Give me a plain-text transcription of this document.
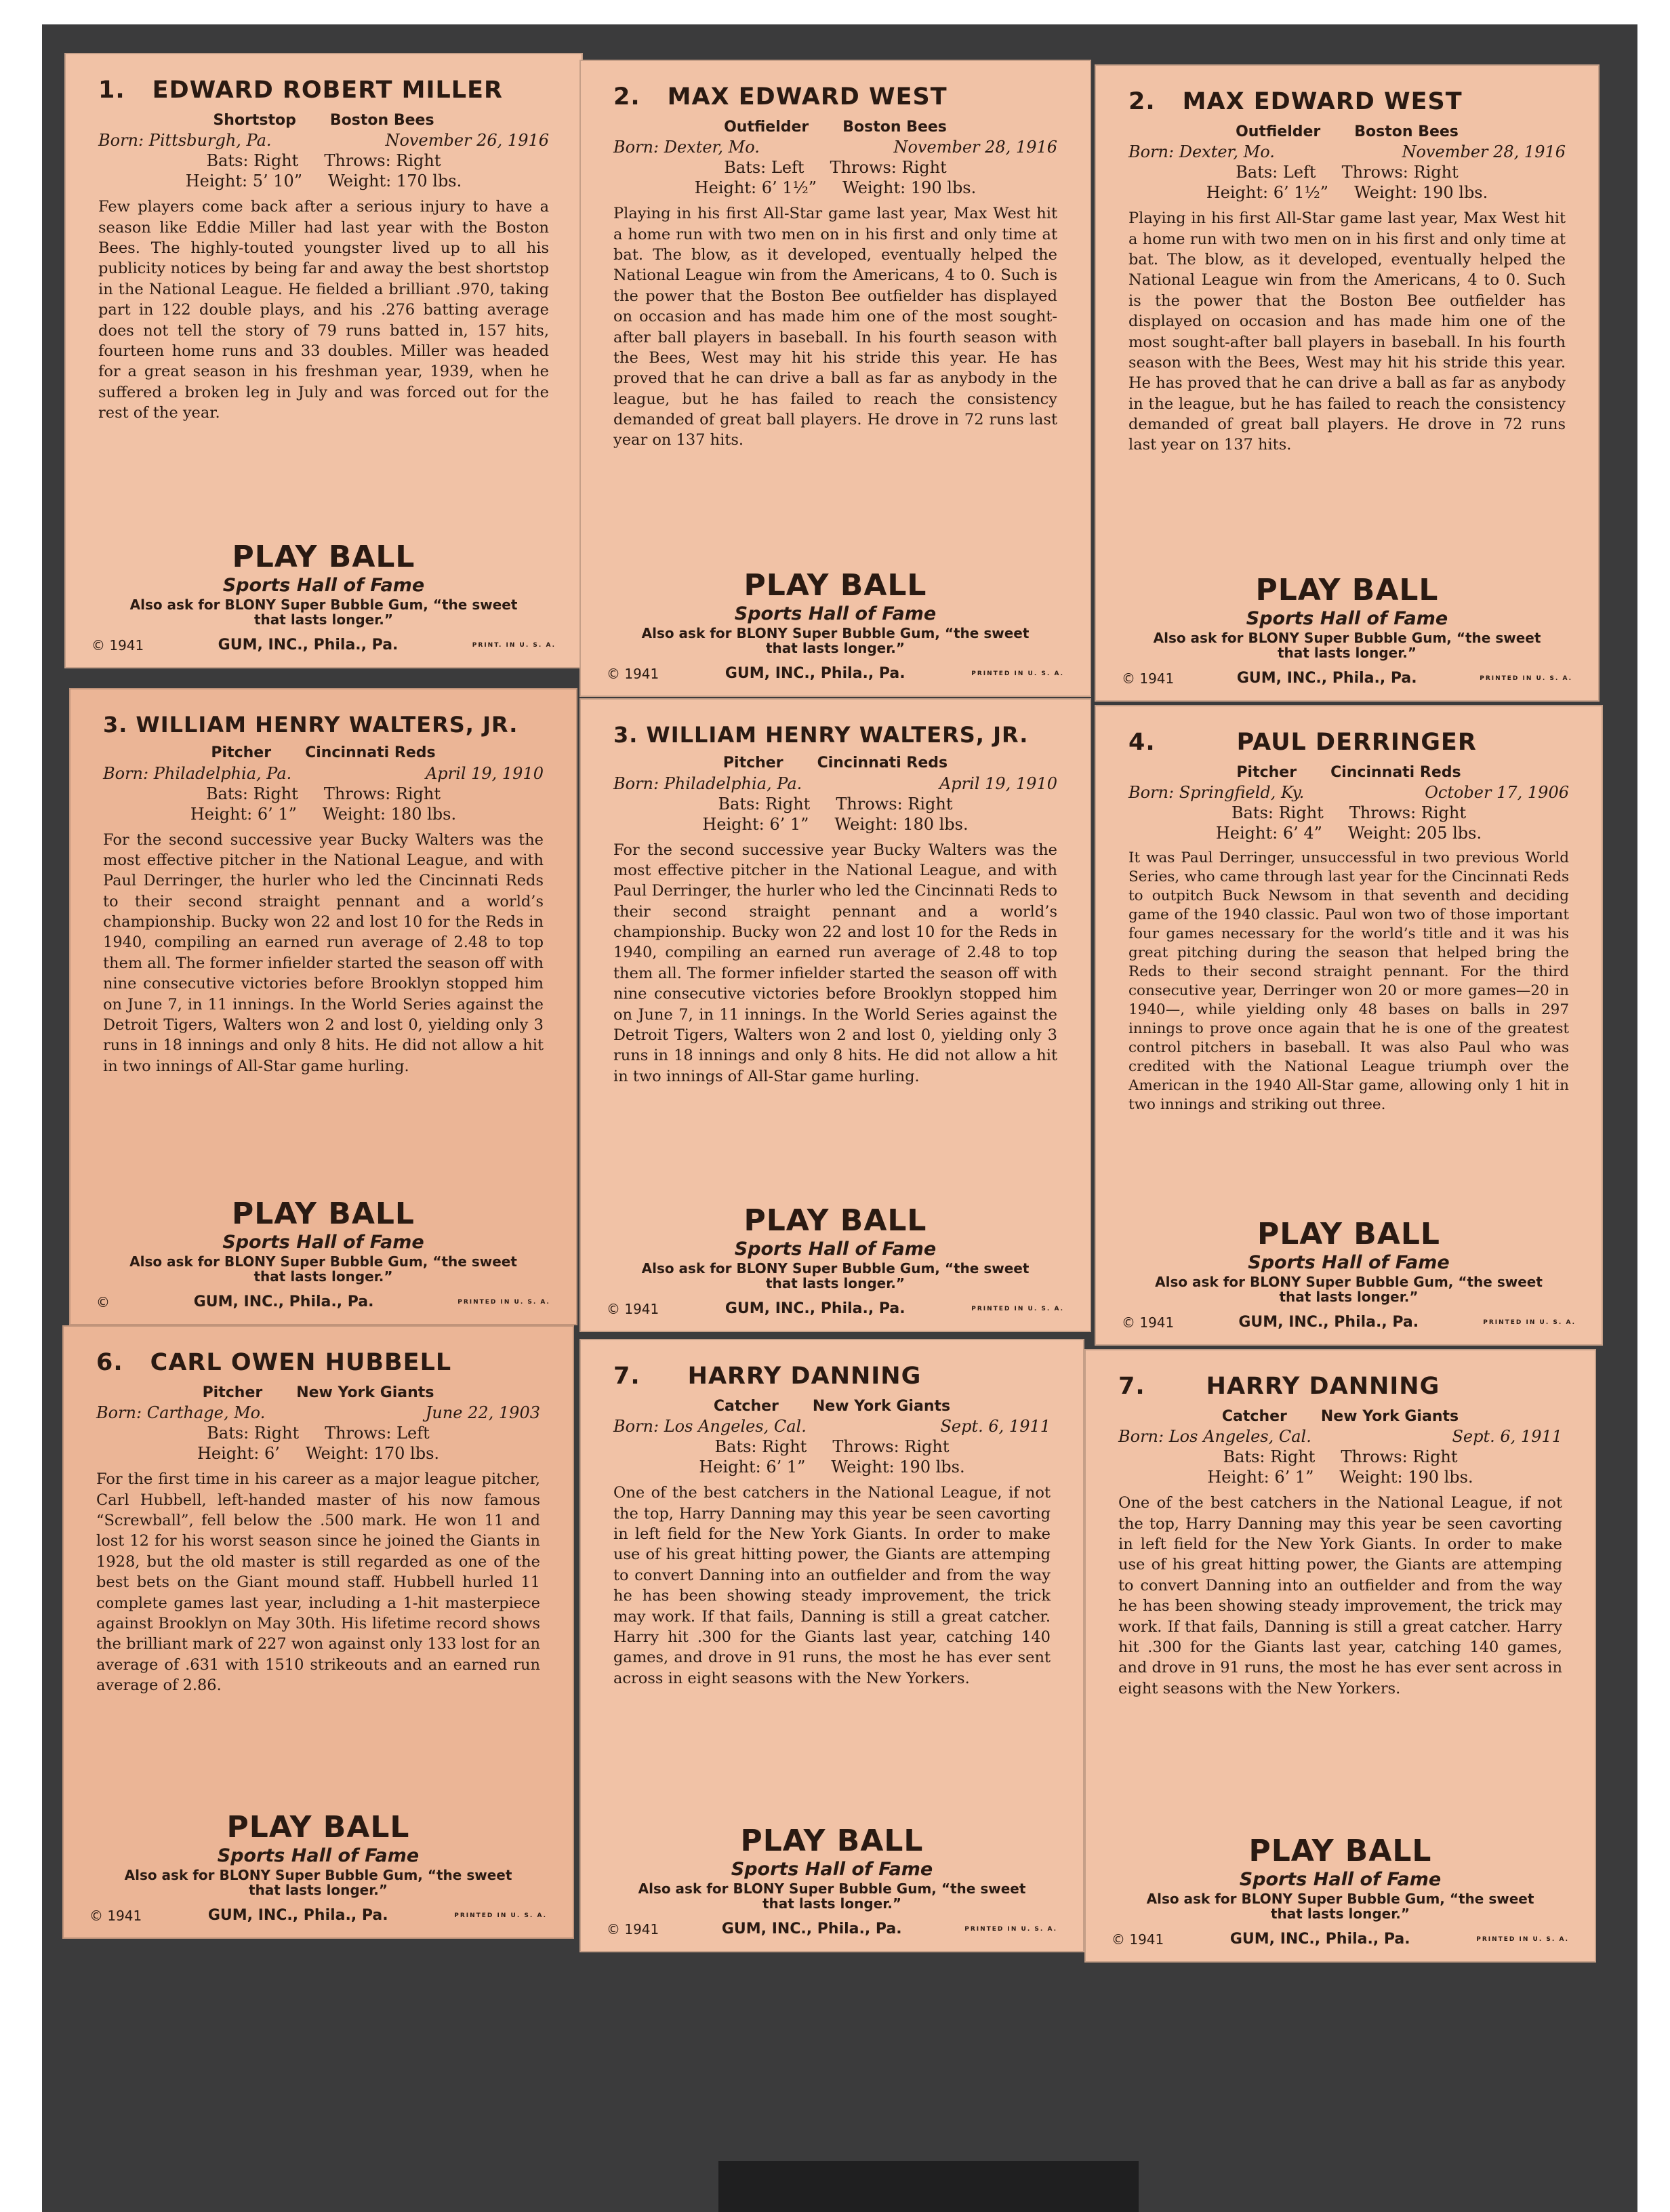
1. EDWARD ROBERT MILLER
Shortstop Boston Bees
Born: Pittsburgh, Pa.	November 26, 1916
Bats: Right Throws: Right
Height: 5’ 10” Weight: 170 lbs.
Few players come back after a serious injury to have a season like Eddie Miller had last year with the Boston Bees. The highly-touted youngster lived up to all his publicity notices by being far and away the best shortstop in the National League. He fielded a brilliant .970, taking part in 122 double plays, and his .276 batting average does not tell the story of 79 runs batted in, 157 hits, fourteen home runs and 33 doubles. Miller was headed for a great season in his freshman year, 1939, when he suffered a broken leg in July and was forced out for the rest of the year.
PLAY BALL
Sports Hall of Fame
Also ask for BLONY Super Bubble Gum, “the sweet
that lasts longer.”
© 1941	GUM, INC., Phila., Pa.	PRINT. IN U. S. A.
2. MAX EDWARD WEST
Outfielder Boston Bees
Born: Dexter, Mo.	November 28, 1916
Bats: Left Throws: Right
Height: 6’ 1½” Weight: 190 lbs.
Playing in his first All-Star game last year, Max West hit a home run with two men on in his first and only time at bat. The blow, as it developed, eventually helped the National League win from the Americans, 4 to 0. Such is the power that the Boston Bee outfielder has displayed on occasion and has made him one of the most sought-after ball players in baseball. In his fourth season with the Bees, West may hit his stride this year. He has proved that he can drive a ball as far as anybody in the league, but he has failed to reach the consistency demanded of great ball players. He drove in 72 runs last year on 137 hits.
PLAY BALL
Sports Hall of Fame
Also ask for BLONY Super Bubble Gum, “the sweet
that lasts longer.”
© 1941	GUM, INC., Phila., Pa.	PRINTED IN U. S. A.
2. MAX EDWARD WEST
Outfielder Boston Bees
Born: Dexter, Mo.	November 28, 1916
Bats: Left Throws: Right
Height: 6’ 1½” Weight: 190 lbs.
Playing in his first All-Star game last year, Max West hit a home run with two men on in his first and only time at bat. The blow, as it developed, eventually helped the National League win from the Americans, 4 to 0. Such is the power that the Boston Bee outfielder has displayed on occasion and has made him one of the most sought-after ball players in baseball. In his fourth season with the Bees, West may hit his stride this year. He has proved that he can drive a ball as far as anybody in the league, but he has failed to reach the consistency demanded of great ball players. He drove in 72 runs last year on 137 hits.
PLAY BALL
Sports Hall of Fame
Also ask for BLONY Super Bubble Gum, “the sweet
that lasts longer.”
© 1941	GUM, INC., Phila., Pa.	PRINTED IN U. S. A.
3. WILLIAM HENRY WALTERS, JR.
Pitcher Cincinnati Reds
Born: Philadelphia, Pa.	April 19, 1910
Bats: Right Throws: Right
Height: 6’ 1” Weight: 180 lbs.
For the second successive year Bucky Walters was the most effective pitcher in the National League, and with Paul Derringer, the hurler who led the Cincinnati Reds to their second straight pennant and a world’s championship. Bucky won 22 and lost 10 for the Reds in 1940, compiling an earned run average of 2.48 to top them all. The former infielder started the season off with nine consecutive victories before Brooklyn stopped him on June 7, in 11 innings. In the World Series against the Detroit Tigers, Walters won 2 and lost 0, yielding only 3 runs in 18 innings and only 8 hits. He did not allow a hit in two innings of All-Star game hurling.
PLAY BALL
Sports Hall of Fame
Also ask for BLONY Super Bubble Gum, “the sweet
that lasts longer.”
©	GUM, INC., Phila., Pa.	PRINTED IN U. S. A.
3. WILLIAM HENRY WALTERS, JR.
Pitcher Cincinnati Reds
Born: Philadelphia, Pa.	April 19, 1910
Bats: Right Throws: Right
Height: 6’ 1” Weight: 180 lbs.
For the second successive year Bucky Walters was the most effective pitcher in the National League, and with Paul Derringer, the hurler who led the Cincinnati Reds to their second straight pennant and a world’s championship. Bucky won 22 and lost 10 for the Reds in 1940, compiling an earned run average of 2.48 to top them all. The former infielder started the season off with nine consecutive victories before Brooklyn stopped him on June 7, in 11 innings. In the World Series against the Detroit Tigers, Walters won 2 and lost 0, yielding only 3 runs in 18 innings and only 8 hits. He did not allow a hit in two innings of All-Star game hurling.
PLAY BALL
Sports Hall of Fame
Also ask for BLONY Super Bubble Gum, “the sweet
that lasts longer.”
© 1941	GUM, INC., Phila., Pa.	PRINTED IN U. S. A.
4.	PAUL DERRINGER
Pitcher Cincinnati Reds
Born: Springfield, Ky.	October 17, 1906
Bats: Right Throws: Right
Height: 6’ 4” Weight: 205 lbs.
It was Paul Derringer, unsuccessful in two previous World Series, who came through last year for the Cincinnati Reds to outpitch Buck Newsom in that seventh and deciding game of the 1940 classic. Paul won two of those important four games necessary for the world’s title and it was his great pitching during the season that helped bring the Reds to their second straight pennant. For the third consecutive year, Derringer won 20 or more games—20 in 1940—, while yielding only 48 bases on balls in 297 innings to prove once again that he is one of the greatest control pitchers in baseball. It was also Paul who was credited with the National League triumph over the American in the 1940 All-Star game, allowing only 1 hit in two innings and striking out three.
PLAY BALL
Sports Hall of Fame
Also ask for BLONY Super Bubble Gum, “the sweet
that lasts longer.”
© 1941	GUM, INC., Phila., Pa.	PRINTED IN U. S. A.
6. CARL OWEN HUBBELL
Pitcher New York Giants
Born: Carthage, Mo.	June 22, 1903
Bats: Right Throws: Left
Height: 6’ Weight: 170 lbs.
For the first time in his career as a major league pitcher, Carl Hubbell, left-handed master of his now famous “Screwball”, fell below the .500 mark. He won 11 and lost 12 for his worst season since he joined the Giants in 1928, but the old master is still regarded as one of the best bets on the Giant mound staff. Hubbell hurled 11 complete games last year, including a 1-hit masterpiece against Brooklyn on May 30th. His lifetime record shows the brilliant mark of 227 won against only 133 lost for an average of .631 with 1510 strikeouts and an earned run average of 2.86.
PLAY BALL
Sports Hall of Fame
Also ask for BLONY Super Bubble Gum, “the sweet
that lasts longer.”
© 1941	GUM, INC., Phila., Pa.	PRINTED IN U. S. A.
7. HARRY DANNING
Catcher New York Giants
Born: Los Angeles, Cal.	Sept. 6, 1911
Bats: Right Throws: Right
Height: 6’ 1” Weight: 190 lbs.
One of the best catchers in the National League, if not the top, Harry Danning may this year be seen cavorting in left field for the New York Giants. In order to make use of his great hitting power, the Giants are attemping to convert Danning into an outfielder and from the way he has been showing steady improvement, the trick may work. If that fails, Danning is still a great catcher. Harry hit .300 for the Giants last year, catching 140 games, and drove in 91 runs, the most he has ever sent across in eight seasons with the New Yorkers.
PLAY BALL
Sports Hall of Fame
Also ask for BLONY Super Bubble Gum, “the sweet
that lasts longer.”
© 1941	GUM, INC., Phila., Pa.	PRINTED IN U. S. A.
7.	HARRY DANNING
Catcher New York Giants
Born: Los Angeles, Cal.	Sept. 6, 1911
Bats: Right Throws: Right
Height: 6’ 1” Weight: 190 lbs.
One of the best catchers in the National League, if not the top, Harry Danning may this year be seen cavorting in left field for the New York Giants. In order to make use of his great hitting power, the Giants are attemping to convert Danning into an outfielder and from the way he has been showing steady improvement, the trick may work. If that fails, Danning is still a great catcher. Harry hit .300 for the Giants last year, catching 140 games, and drove in 91 runs, the most he has ever sent across in eight seasons with the New Yorkers.
PLAY BALL
Sports Hall of Fame
Also ask for BLONY Super Bubble Gum, “the sweet
that lasts longer.”
© 1941	GUM, INC., Phila., Pa.	PRINTED IN U. S. A.
